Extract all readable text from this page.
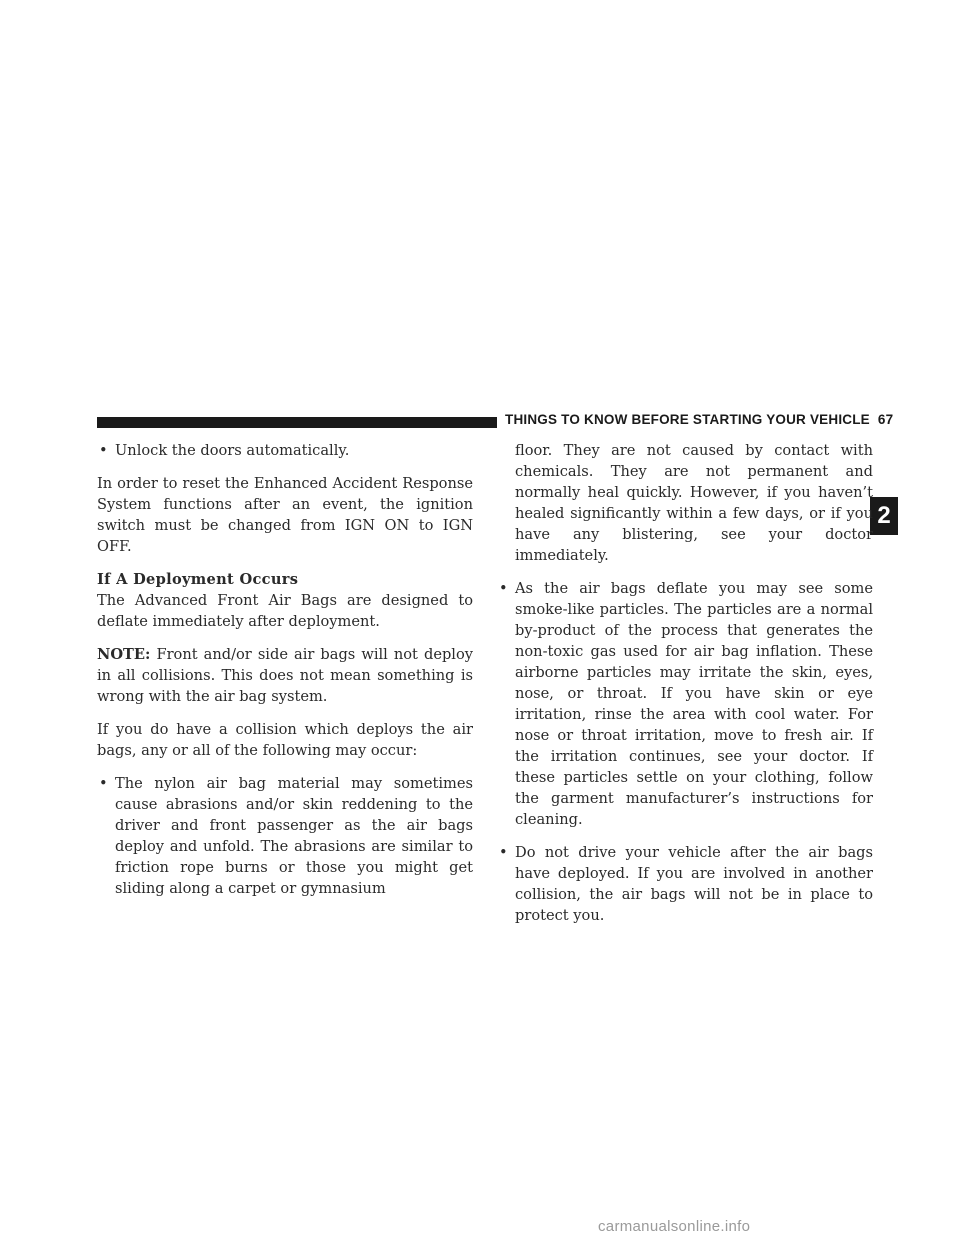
THINGS TO KNOW BEFORE STARTING YOUR VEHICLE 67
2
• Unlock the doors automatically.

In order to reset the Enhanced Accident Response System functions after an event, the ignition switch must be changed from IGN ON to IGN OFF.

If A Deployment Occurs

The Advanced Front Air Bags are designed to deflate immediately after deployment.

NOTE: Front and/or side air bags will not deploy in all collisions. This does not mean something is wrong with the air bag system.

If you do have a collision which deploys the air bags, any or all of the following may occur:

• The nylon air bag material may sometimes cause abrasions and/or skin reddening to the driver and front passenger as the air bags deploy and unfold. The abrasions are similar to friction rope burns or those you might get sliding along a carpet or gymnasium

floor. They are not caused by contact with chemicals. They are not permanent and normally heal quickly. However, if you haven’t healed significantly within a few days, or if you have any blistering, see your doctor immediately.

• As the air bags deflate you may see some smoke-like particles. The particles are a normal by-product of the process that generates the non-toxic gas used for air bag inflation. These airborne particles may irritate the skin, eyes, nose, or throat. If you have skin or eye irritation, rinse the area with cool water. For nose or throat irritation, move to fresh air. If the irritation continues, see your doctor. If these particles settle on your clothing, follow the garment manufacturer’s instructions for cleaning.
• Do not drive your vehicle after the air bags have deployed. If you are involved in another collision, the air bags will not be in place to protect you.
carmanualsonline.info
